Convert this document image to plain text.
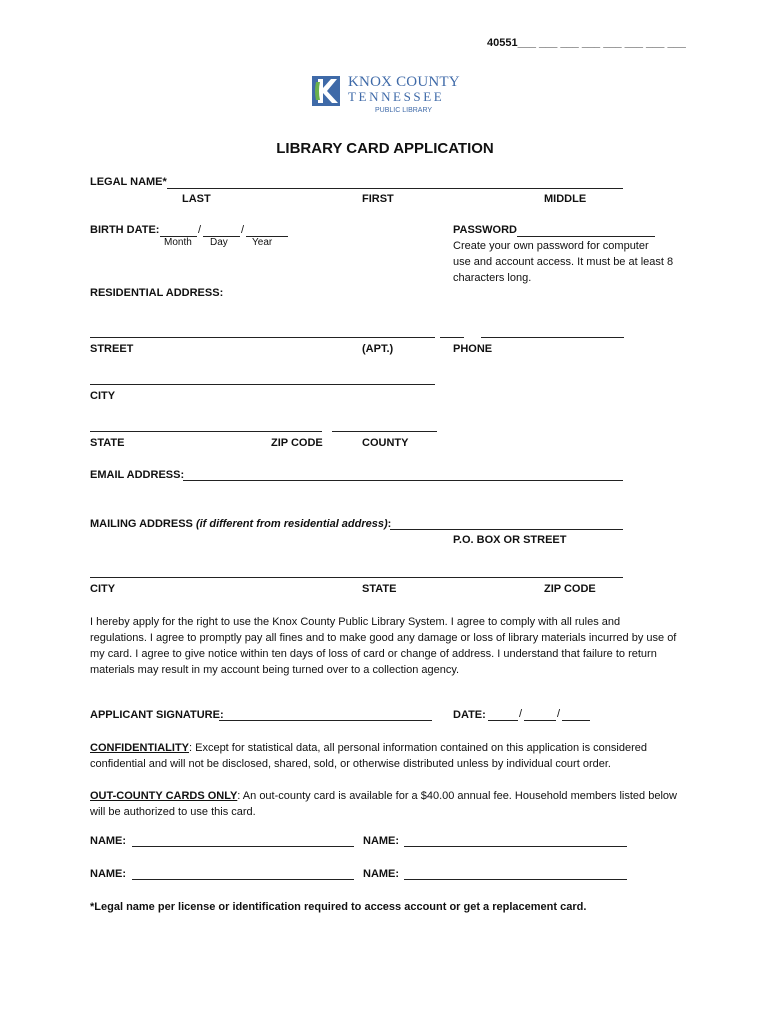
40551___ ___ ___ ___ ___ ___ ___ ___
KNOX COUNTY
TENNESSEE
PUBLIC LIBRARY
LIBRARY CARD APPLICATION
LEGAL NAME*
LAST	FIRST	MIDDLE
BIRTH DATE:	/	/
Month Day Year
PASSWORD
Create your own password for computer
use and account access. It must be at least 8
characters long.
RESIDENTIAL ADDRESS:
STREET	(APT.)	PHONE
CITY
STATE	ZIP CODE	COUNTY
EMAIL ADDRESS:
MAILING ADDRESS (if different from residential address):
P.O. BOX OR STREET
CITY	STATE	ZIP CODE
I hereby apply for the right to use the Knox County Public Library System. I agree to comply with all rules and regulations. I agree to promptly pay all fines and to make good any damage or loss of library materials incurred by use of my card. I agree to give notice within ten days of loss of card or change of address. I understand that failure to return materials may result in my account being turned over to a collection agency.
APPLICANT SIGNATURE:	DATE:	/	/
CONFIDENTIALITY: Except for statistical data, all personal information contained on this application is considered confidential and will not be disclosed, shared, sold, or otherwise distributed unless by individual court order.
OUT-COUNTY CARDS ONLY: An out-county card is available for a $40.00 annual fee. Household members listed below will be authorized to use this card.
NAME:	NAME:
NAME:	NAME:
*Legal name per license or identification required to access account or get a replacement card.
